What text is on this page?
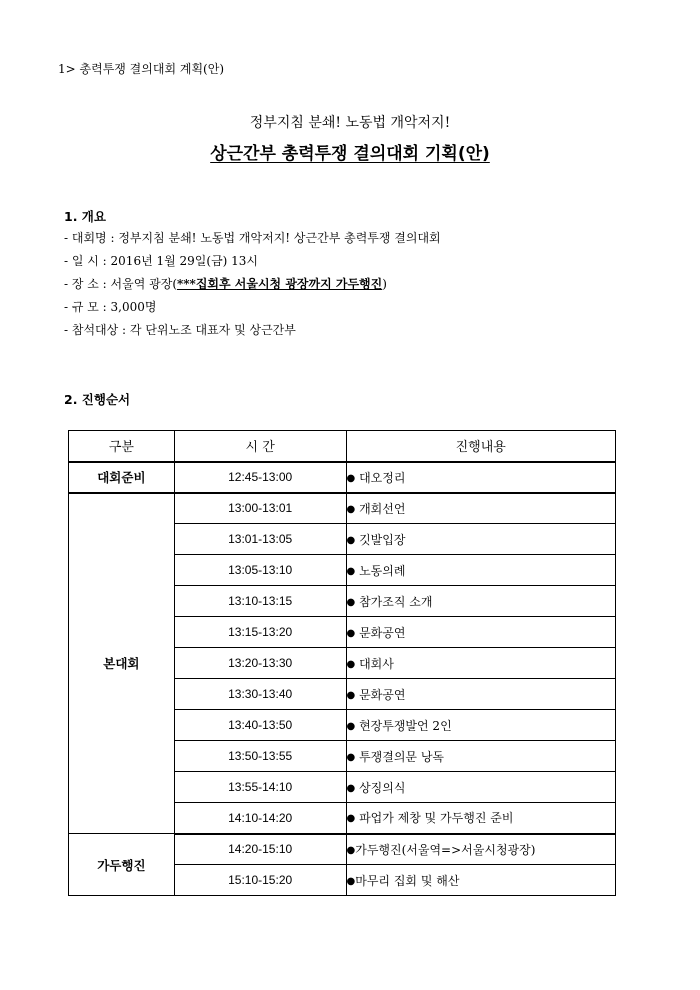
1> 총력투쟁 결의대회 계획(안)
정부지침 분쇄! 노동법 개악저지!
상근간부 총력투쟁 결의대회 기획(안)
1. 개요
- 대회명 : 정부지침 분쇄! 노동법 개악저지! 상근간부 총력투쟁 결의대회
- 일 시 : 2016년 1월 29일(금) 13시
- 장 소 : 서울역 광장(***집회후 서울시청 광장까지 가두행진)
- 규 모 : 3,000명
- 참석대상 : 각 단위노조 대표자 및 상근간부
2. 진행순서
구분	시 간	진행내용
대회준비	12:45-13:00	● 대오정리
본대회	13:00-13:01	● 개회선언
	13:01-13:05	● 깃발입장
	13:05-13:10	● 노동의례
	13:10-13:15	● 참가조직 소개
	13:15-13:20	● 문화공연
	13:20-13:30	● 대회사
	13:30-13:40	● 문화공연
	13:40-13:50	● 현장투쟁발언 2인
	13:50-13:55	● 투쟁결의문 낭독
	13:55-14:10	● 상징의식
	14:10-14:20	● 파업가 제창 및 가두행진 준비
가두행진	14:20-15:10	●가두행진(서울역=>서울시청광장)
	15:10-15:20	●마무리 집회 및 해산
